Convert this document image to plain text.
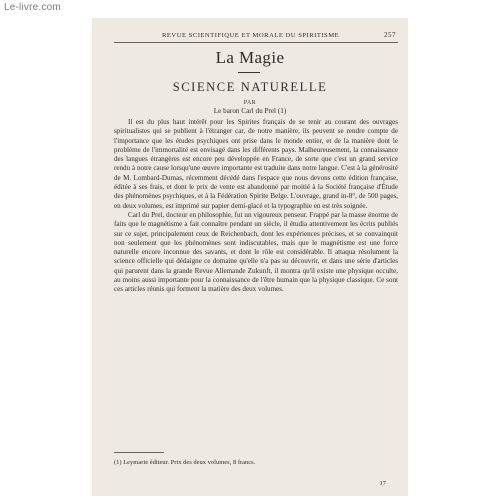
Le-livre.com
REVUE SCIENTIFIQUE ET MORALE DU SPIRITISME	257
La Magie
SCIENCE NATURELLE
PAR
Le baron Carl du Prel (1)

Il est du plus haut intérêt pour les Spirites français de se tenir au courant des ouvrages spiritualistes qui se publient à l'étranger car, de notre manière, ils peuvent se rendre compte de l'importance que les études psychiques ont prise dans le monde entier, et de la manière dont le problème de l'immortalité est envisagé dans les différents pays. Malheureusement, la connaissance des langues étrangères est encore peu développée en France, de sorte que c'est un grand service rendu à notre cause lorsqu'une œuvre importante est traduite dans notre langue. C'est à la générosité de M. Lombard-Dumas, récemment décédé dans l'espace que nous devons cette édition française, éditée à ses frais, et dont le prix de vente est abandonné par moitié à la Société française d'Étude des phénomènes psychiques, et à la Fédération Spirite Belge. L'ouvrage, grand in-8°, de 500 pages, en deux volumes, est imprimé sur papier demi-glacé et la typographie en est très soignée.

Carl du Prel, docteur en philosophie, fut un vigoureux penseur. Frappé par la masse énorme de faits que le magnétisme a fait connaître pendant un siècle, il étudia attentivement les écrits publiés sur ce sujet, principalement ceux de Reichenbach, dont les expériences précises, et se convainquit non seulement que les phénomènes sont indiscutables, mais que le magnétisme est une force naturelle encore inconnue des savants, et dont le rôle est considérable. Il attaqua résolument la science officielle qui dédaigne ce domaine qu'elle n'a pas su découvrir, et dans une série d'articles qui parurent dans la grande Revue Allemande Zukunft, il montra qu'il existe une physique occulte, au moins aussi importante pour la connaissance de l'être humain que la physique classique. Ce sont ces articles réunis qui forment la matière des deux volumes.

(1) Leymarie éditeur. Prix des deux volumes, 8 francs.
17
